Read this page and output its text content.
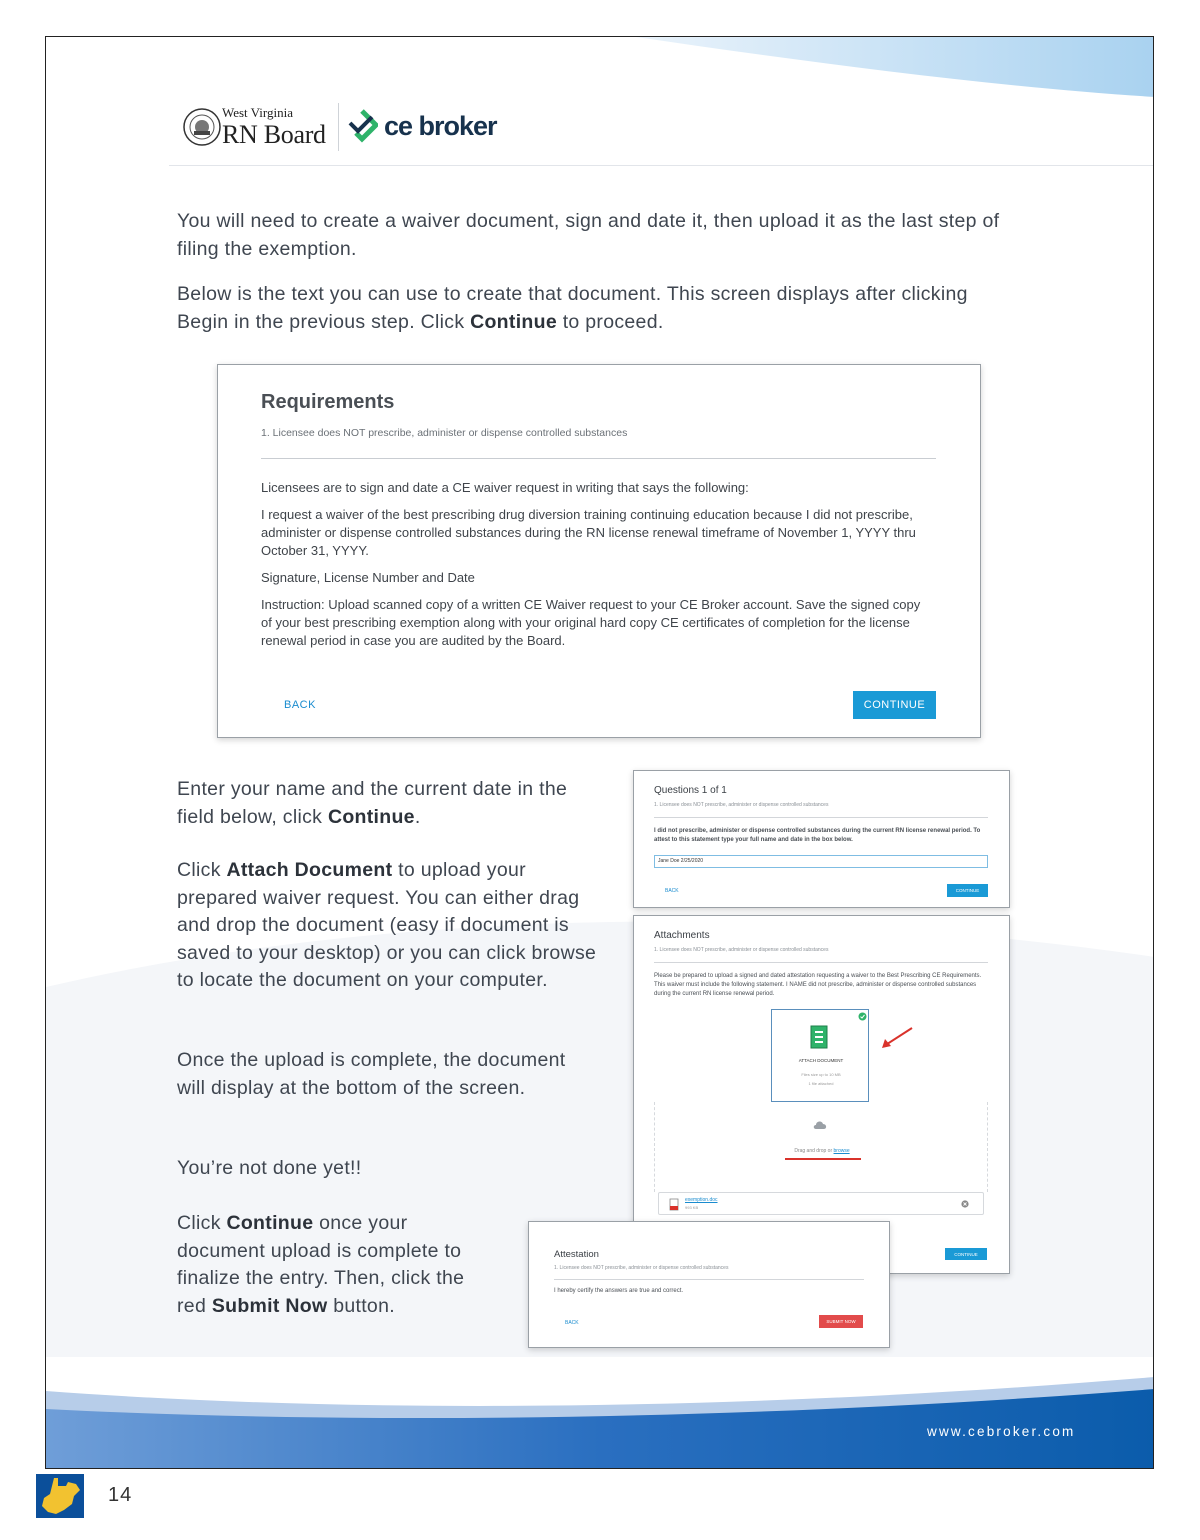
West Virginia
RN Board ce broker

You will need to create a waiver document, sign and date it, then upload it as the last step of filing the exemption.

Below is the text you can use to create that document. This screen displays after clicking Begin in the previous step. Click Continue to proceed.

Requirements
1. Licensee does NOT prescribe, administer or dispense controlled substances

Licensees are to sign and date a CE waiver request in writing that says the following:

I request a waiver of the best prescribing drug diversion training continuing education because I did not prescribe, administer or dispense controlled substances during the RN license renewal timeframe of November 1, YYYY thru October 31, YYYY.

Signature, License Number and Date

Instruction: Upload scanned copy of a written CE Waiver request to your CE Broker account. Save the signed copy of your best prescribing exemption along with your original hard copy CE certificates of completion for the license renewal period in case you are audited by the Board.

BACK	CONTINUE

Enter your name and the current date in the field below, click Continue.

Click Attach Document to upload your prepared waiver request. You can either drag and drop the document (easy if document is saved to your desktop) or you can click browse to locate the document on your computer.

Once the upload is complete, the document will display at the bottom of the screen.

You’re not done yet!!

Click Continue once your document upload is complete to finalize the entry. Then, click the red Submit Now button.

Questions 1 of 1
1. Licensee does NOT prescribe, administer or dispense controlled substances

I did not prescribe, administer or dispense controlled substances during the current RN license renewal period. To attest to this statement type your full name and date in the box below.

Jane Doe 2/25/2020
BACK	CONTINUE
Attachments
1. Licensee does NOT prescribe, administer or dispense controlled substances

Please be prepared to upload a signed and dated attestation requesting a waiver to the Best Prescribing CE Requirements. This waiver must include the following statement. I NAME did not prescribe, administer or dispense controlled substances during the current RN license renewal period.

ATTACH DOCUMENT
Files size up to 10 MB
1 file attached
Drag and drop or browse
exemption.doc
993 KB
CONTINUE
Attestation
1. Licensee does NOT prescribe, administer or dispense controlled substances

I hereby certify the answers are true and correct.

BACK	SUBMIT NOW
www.cebroker.com
14
